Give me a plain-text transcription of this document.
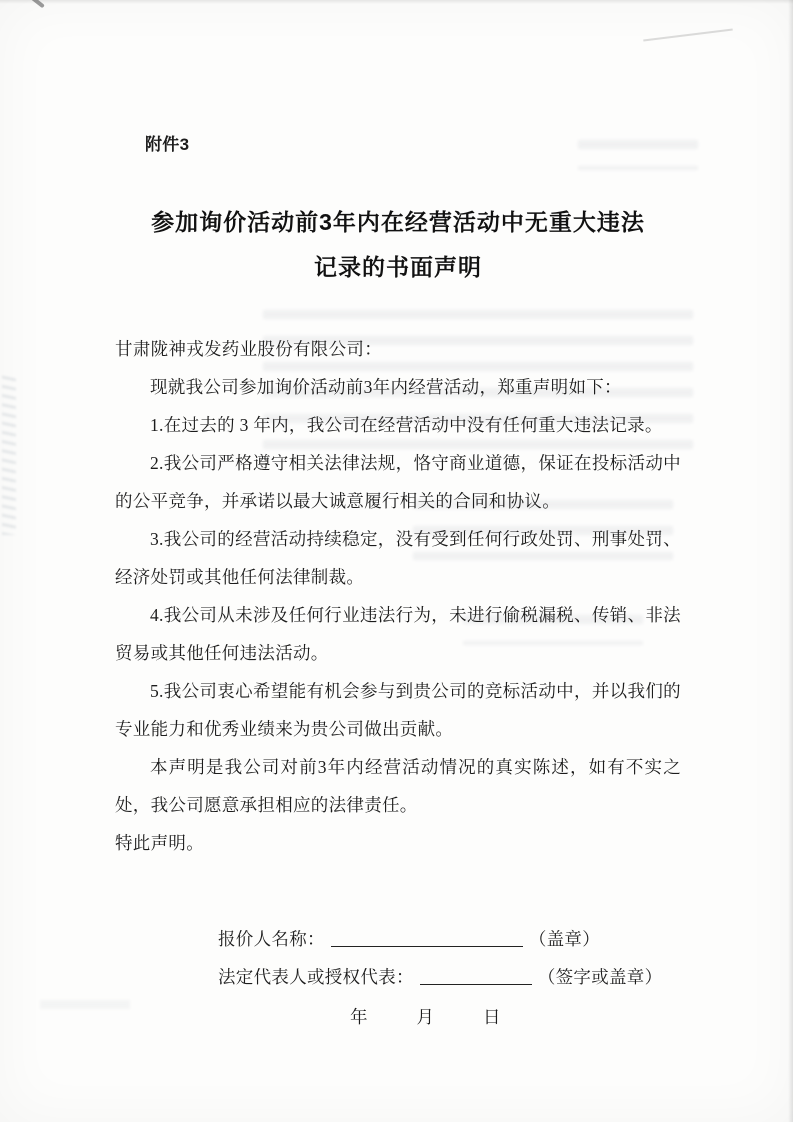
附件3
参加询价活动前3年内在经营活动中无重大违法
记录的书面声明

甘肃陇神戎发药业股份有限公司：

现就我公司参加询价活动前3年内经营活动，郑重声明如下：

1.在过去的 3 年内，我公司在经营活动中没有任何重大违法记录。

2.我公司严格遵守相关法律法规，恪守商业道德，保证在投标活动中的公平竞争，并承诺以最大诚意履行相关的合同和协议。

3.我公司的经营活动持续稳定，没有受到任何行政处罚、刑事处罚、经济处罚或其他任何法律制裁。

4.我公司从未涉及任何行业违法行为，未进行偷税漏税、传销、非法贸易或其他任何违法活动。

5.我公司衷心希望能有机会参与到贵公司的竞标活动中，并以我们的专业能力和优秀业绩来为贵公司做出贡献。

本声明是我公司对前3年内经营活动情况的真实陈述，如有不实之处，我公司愿意承担相应的法律责任。

特此声明。

报价人名称：	（盖章）
法定代表人或授权代表：	（签字或盖章）
年	月	日
